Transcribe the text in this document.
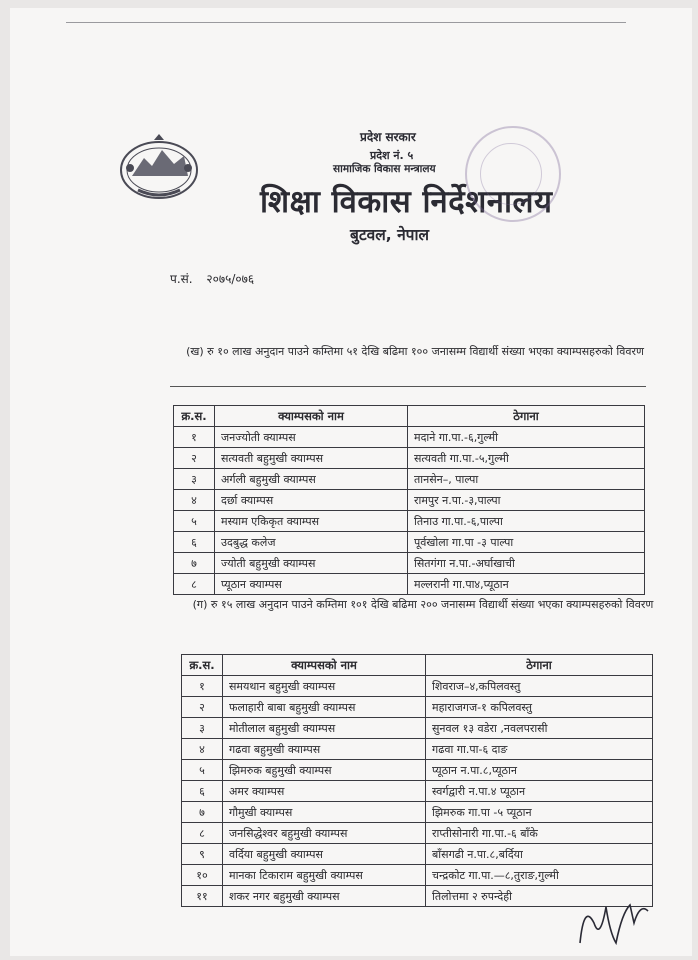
प्रदेश सरकार
प्रदेश नं. ५
सामाजिक विकास मन्त्रालय
शिक्षा विकास निर्देशनालय
बुटवल, नेपाल
प.सं. २०७५/०७६
(ख) रु १० लाख अनुदान पाउने कम्तिमा ५१ देखि बढिमा १०० जनासम्म विद्यार्थी संख्या भएका क्याम्पसहरुको विवरण
क्र.स.	क्याम्पसको नाम	ठेगाना
१	जनज्योती क्याम्पस	मदाने गा.पा.-६,गुल्मी
२	सत्यवती बहुमुखी क्याम्पस	सत्यवती गा.पा.-५,गुल्मी
३	अर्गली बहुमुखी क्याम्पस	तानसेन–, पाल्पा
४	दर्छा क्याम्पस	रामपुर न.पा.-३,पाल्पा
५	मस्याम एकिकृत क्याम्पस	तिनाउ गा.पा.-६,पाल्पा
६	उदबुद्ध कलेज	पूर्वखोला गा.पा -३ पाल्पा
७	ज्योती बहुमुखी क्याम्पस	सितगंगा न.पा.-अर्घाखाची
८	प्यूठान क्याम्पस	मल्लरानी गा.पा४,प्यूठान
(ग) रु १५ लाख अनुदान पाउने कम्तिमा १०१ देखि बढिमा २०० जनासम्म विद्यार्थी संख्या भएका क्याम्पसहरुको विवरण
क्र.स.	क्याम्पसको नाम	ठेगाना
१	समयथान बहुमुखी क्याम्पस	शिवराज–४,कपिलवस्तु
२	फलाहारी बाबा बहुमुखी क्याम्पस	महाराजगज-१ कपिलवस्तु
३	मोतीलाल बहुमुखी क्याम्पस	सुनवल १३ वडेरा ,नवलपरासी
४	गढवा बहुमुखी क्याम्पस	गढवा गा.पा-६ दाङ
५	झिमरुक बहुमुखी क्याम्पस	प्यूठान न.पा.८,प्यूठान
६	अमर क्याम्पस	स्वर्गद्वारी न.पा.४ प्यूठान
७	गौमुखी क्याम्पस	झिमरुक गा.पा -५ प्यूठान
८	जनसिद्धेश्वर बहुमुखी क्याम्पस	राप्तीसोनारी गा.पा.-६ बाँके
९	वर्दिया बहुमुखी क्याम्पस	बाँसगढी न.पा.८,बर्दिया
१०	मानका टिकाराम बहुमुखी क्याम्पस	चन्द्रकोट गा.पा.—८,तुराङ,गुल्मी
११	शकर नगर बहुमुखी क्याम्पस	तिलोत्तमा २ रुपन्देही
